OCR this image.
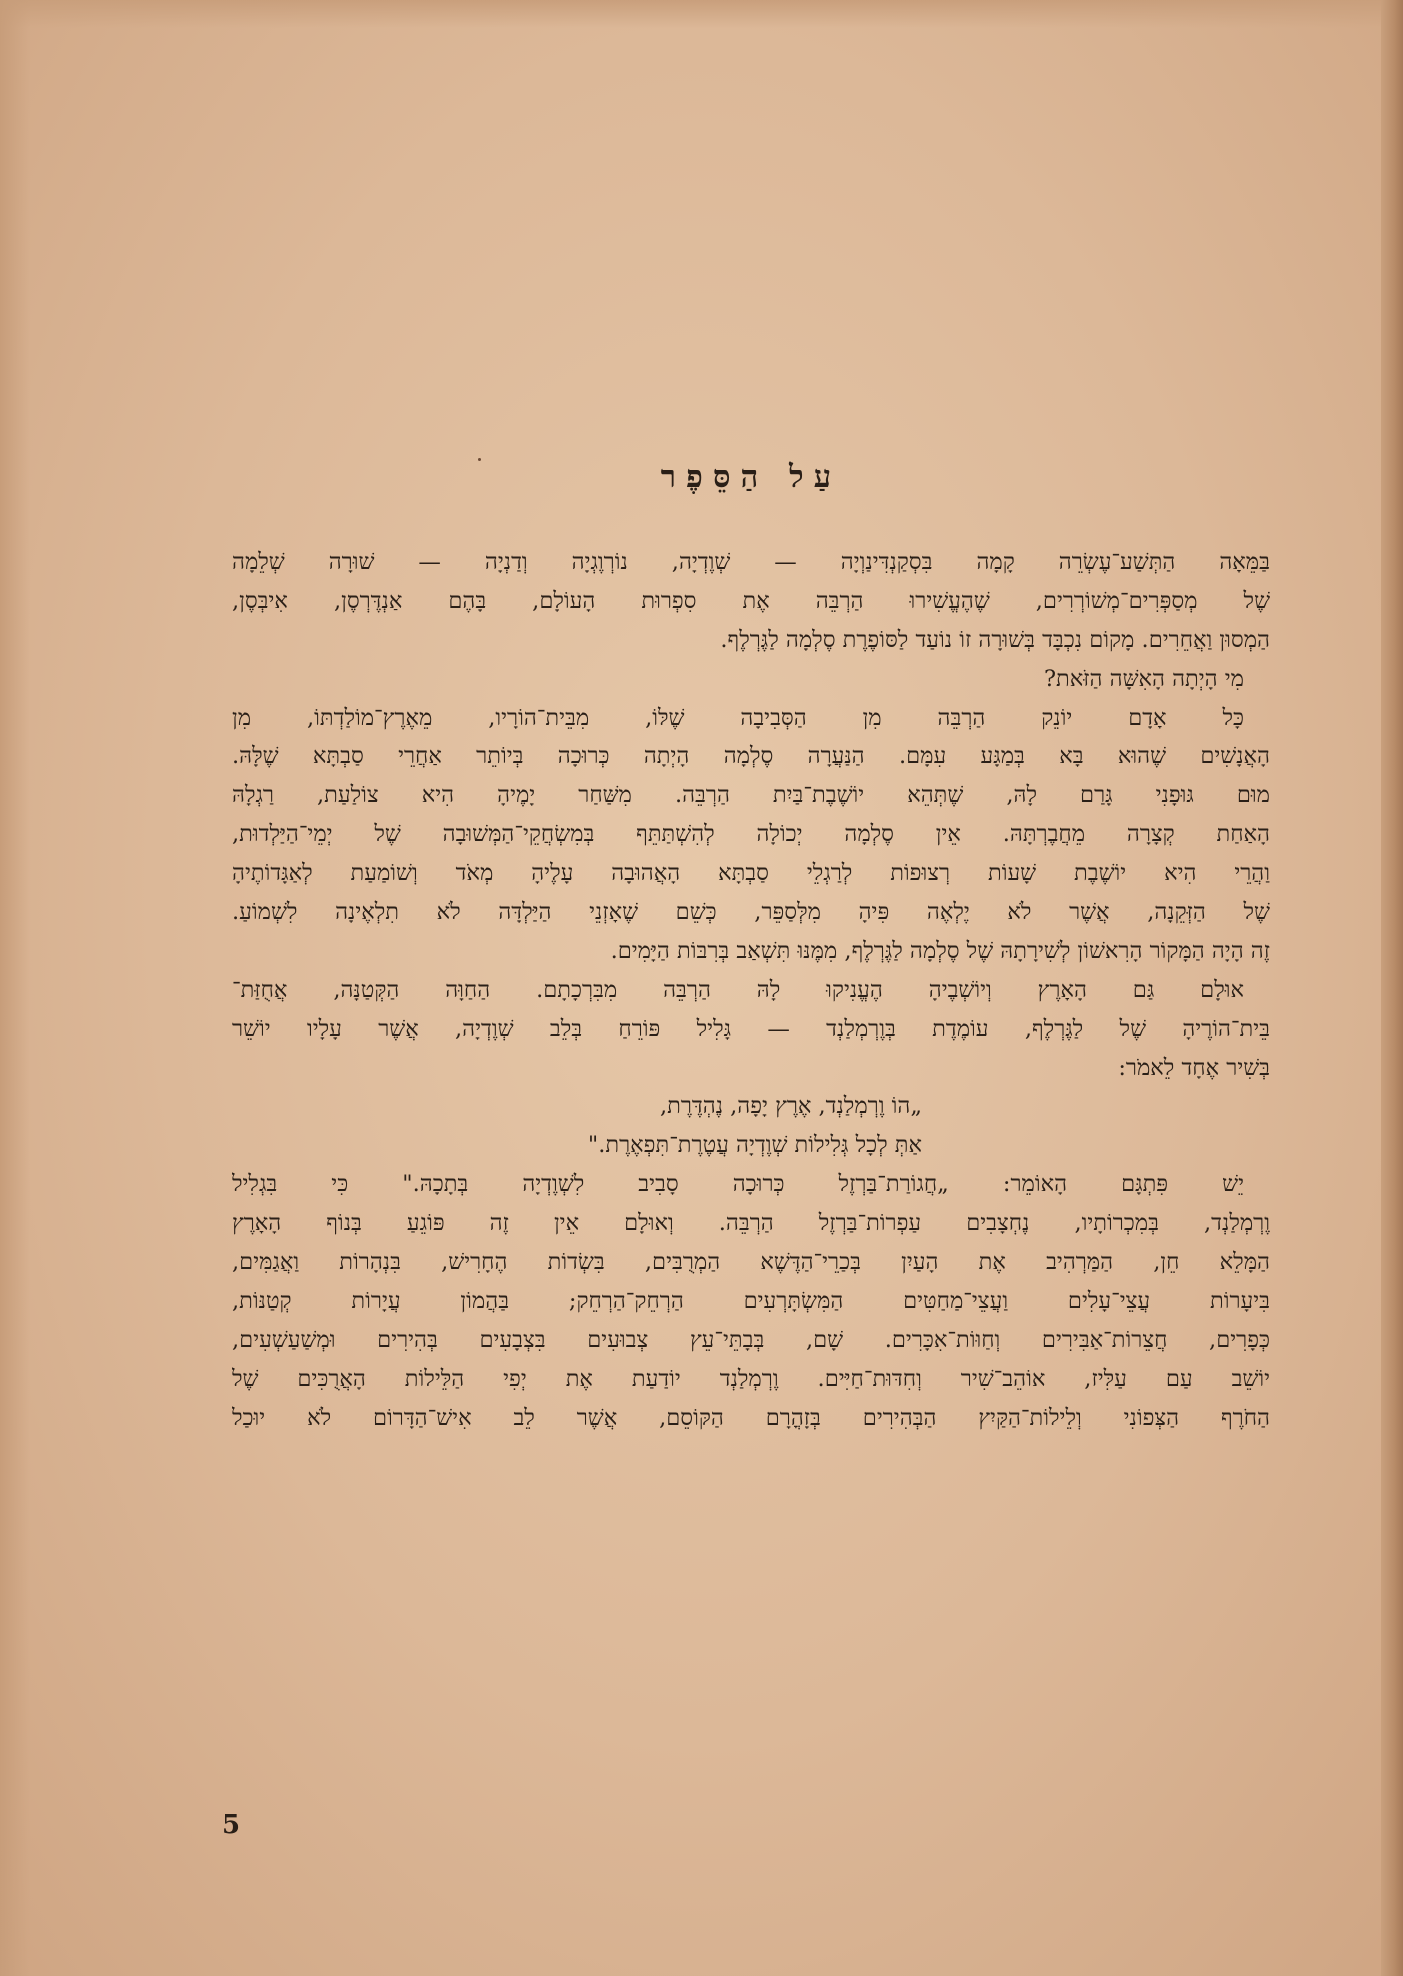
עַל הַסֵּפֶר
בַּמֵּאָה הַתְּשַׁע־עֶשְׂרֵה קָמָה בִּסְקַנְדִּינַוְיָה — שְׁוֶדְיָה, נוֹרְוֶגְיָה וְדַנְיָה — שׁוּרָה שְׁלֵמָה
שֶׁל מְסַפְּרִים־מְשׁוֹרְרִים, שֶׁהֶעֱשִׁירוּ הַרְבֵּה אֶת סִפְרוּת הָעוֹלָם, בָּהֶם אַנְדֶּרְסֶן, אִיבְּסֶן,
הַמְסוּן וַאֲחֵרִים. מָקוֹם נִכְבָּד בְּשׁוּרָה זוֹ נוֹעַד לַסּוֹפֶרֶת סֶלְמָה לַגֶּרְלֶף.
מִי הָיְתָה הָאִשָּׁה הַזֹּאת?
כָּל אָדָם יוֹנֵק הַרְבֵּה מִן הַסְּבִיבָה שֶׁלּוֹ, מִבֵּית־הוֹרָיו, מֵאֶרֶץ־מוֹלַדְתּוֹ, מִן
הָאֲנָשִׁים שֶׁהוּא בָּא בְּמַגָּע עִמָּם. הַנַּעֲרָה סֶלְמָה הָיְתָה כְּרוּכָה בְּיוֹתֵר אַחֲרֵי סַבְתָּא שֶׁלָּהּ.
מוּם גּוּפָנִי גָּרַם לָהּ, שֶׁתְּהֵא יוֹשֶׁבֶת־בַּיִת הַרְבֵּה. מִשַּׁחַר יָמֶיהָ הִיא צוֹלַעַת, רַגְלָהּ
הָאַחַת קְצָרָה מֵחֲבֶרְתָּהּ. אֵין סֶלְמָה יְכוֹלָה לְהִשְׁתַּתֵּף בְּמִשְׂחֲקֵי־הַמְּשׁוּבָה שֶׁל יְמֵי־הַיַּלְדוּת,
וַהֲרֵי הִיא יוֹשֶׁבֶת שָׁעוֹת רְצוּפוֹת לְרַגְלֵי סַבְתָּא הָאֲהוּבָה עָלֶיהָ מְאֹד וְשׁוֹמַעַת לְאַגָּדוֹתֶיהָ
שֶׁל הַזְּקֵנָה, אֲשֶׁר לֹא יֶלְאֶה פִּיהָ מִלְּסַפֵּר, כְּשֵׁם שֶׁאָזְנֵי הַיַּלְדָּה לֹא תִלְאֶינָה לִשְׁמוֹעַ.
זֶה הָיָה הַמָּקוֹר הָרִאשׁוֹן לְשִׁירָתָהּ שֶׁל סֶלְמָה לַגֶּרְלֶף, מִמֶּנּוּ תִּשְׁאַב בְּרִבּוֹת הַיָּמִים.
אוּלָם גַּם הָאָרֶץ וְיוֹשְׁבֶיהָ הֶעֱנִיקוּ לָהּ הַרְבֵּה מִבִּרְכָתָם. הַחַוָּה הַקְּטַנָּה, אֲחֻזַּת־
בֵּית־הוֹרֶיהָ שֶׁל לַגֶּרְלֶף, עוֹמֶדֶת בְּוֶרְמְלַנְד — גָּלִיל פּוֹרֵחַ בְּלֵב שְׁוֶדְיָה, אֲשֶׁר עָלָיו יוֹשֵׁר
בְּשִׁיר אֶחָד לֵאמֹר:
„הוֹ וֶרְמְלַנְד, אֶרֶץ יָפָה, נֶהְדֶּרֶת,
אַתְּ לְכָל גְּלִילוֹת שְׁוֶדְיָה עֲטֶרֶת־תִּפְאֶרֶת."
יֵשׁ פִּתְגָּם הָאוֹמֵר: „חֲגוֹרַת־בַּרְזֶל כְּרוּכָה סָבִיב לִשְׁוֶדְיָה בְּתָכָהּ." כִּי בִּגְלִיל
וֶרְמְלַנְד, בְּמִכְרוֹתָיו, נֶחְצָבִים עַפְרוֹת־בַּרְזֶל הַרְבֵּה. וְאוּלָם אֵין זֶה פּוֹגֵעַ בְּנוֹף הָאָרֶץ
הַמָּלֵא חֵן, הַמַּרְהִיב אֶת הָעַיִן בְּכַרֵי־הַדֶּשֶׁא הַמְרֻבִּים, בִּשְׂדוֹת הֶחָרִישׁ, בִּנְהָרוֹת וַאֲגַמִּים,
בִּיעָרוֹת עֲצֵי־עָלִים וַעֲצֵי־מַחַטִּים הַמִּשְׂתָּרְעִים הַרְחֵק־הַרְחֵק; בַּהֲמוֹן עֲיָרוֹת קְטַנּוֹת,
כְּפָרִים, חֲצֵרוֹת־אַבִּירִים וְחַוּוֹת־אִכָּרִים. שָׁם, בְּבָתֵּי־עֵץ צְבוּעִים בִּצְבָעִים בְּהִירִים וּמְשַׁעַשְׁעִים,
יוֹשֵׁב עַם עַלִּיז, אוֹהֵב־שִׁיר וְחִדּוּת־חַיִּים. וֶרְמְלַנְד יוֹדַעַת אֶת יְפִי הַלֵּילוֹת הָאֲרֻכִּים שֶׁל
הַחֹרֶף הַצְּפוֹנִי וְלֵילוֹת־הַקַּיִץ הַבְּהִירִים בְּזָהֳרָם הַקּוֹסֵם, אֲשֶׁר לֵב אִישׁ־הַדָּרוֹם לֹא יוּכַל
5
